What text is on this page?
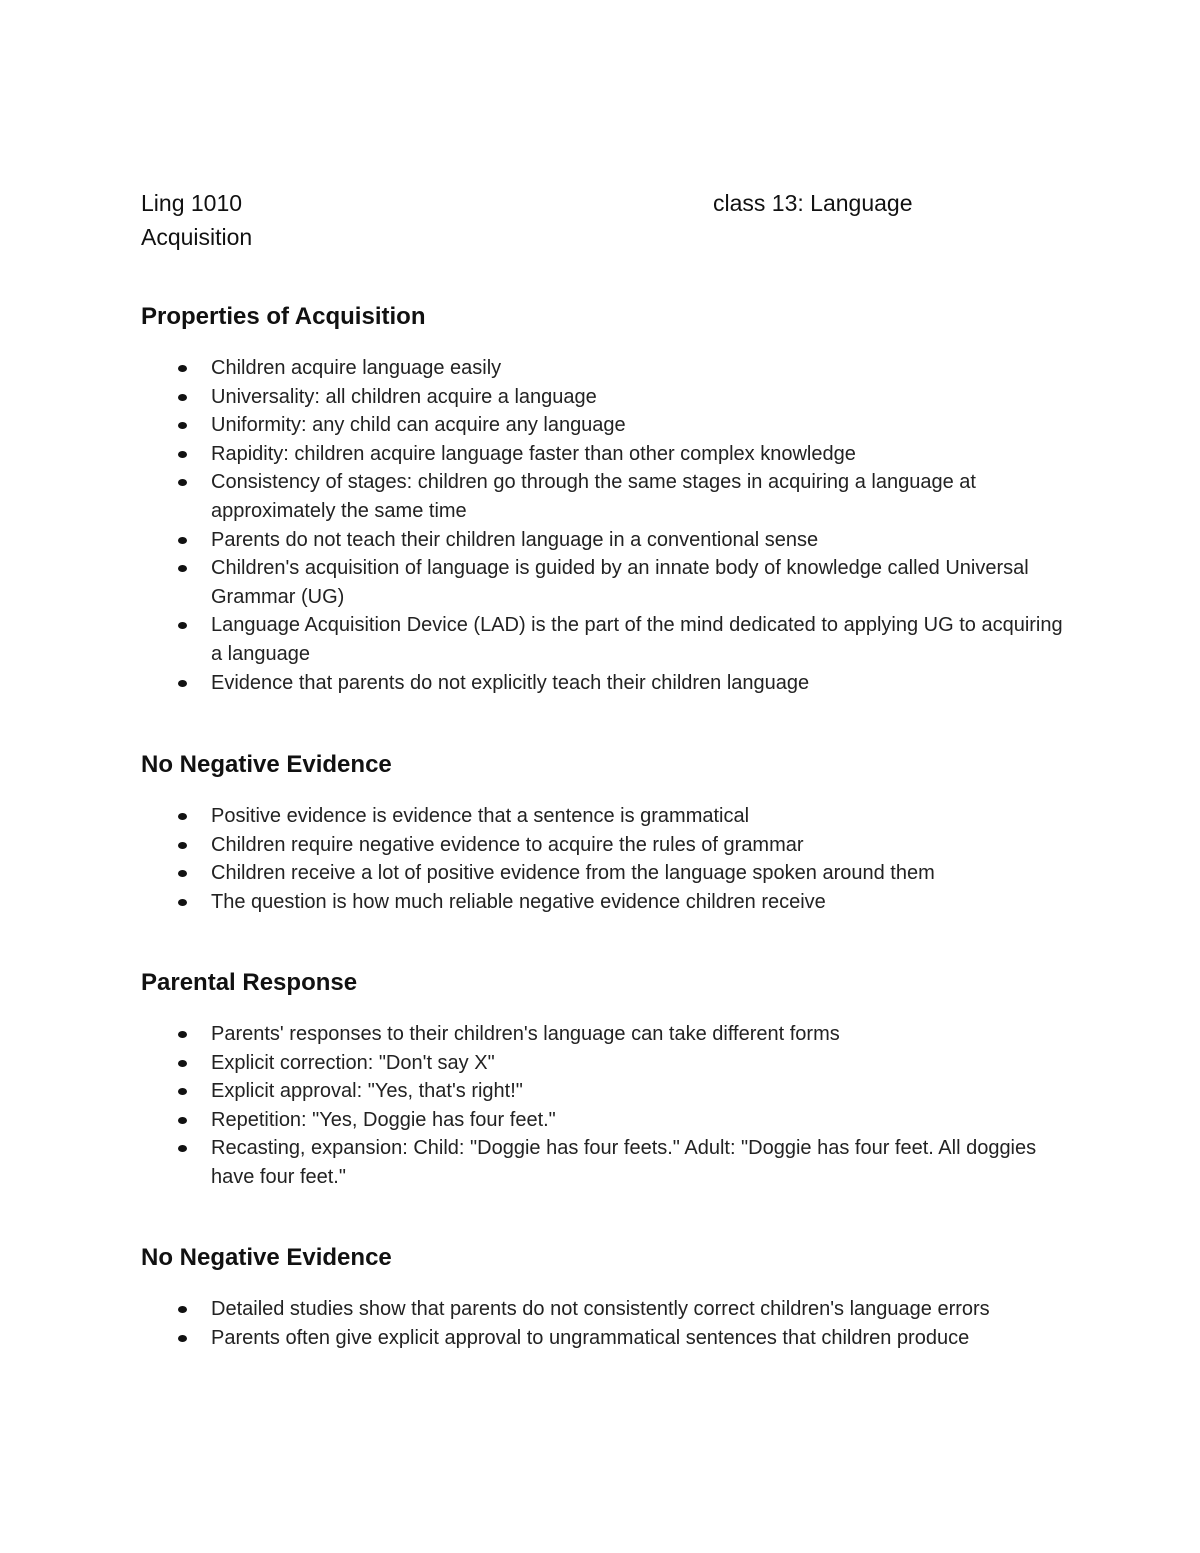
Ling 1010	class 13: Language
Acquisition
Properties of Acquisition
Children acquire language easily
Universality: all children acquire a language
Uniformity: any child can acquire any language
Rapidity: children acquire language faster than other complex knowledge
Consistency of stages: children go through the same stages in acquiring a language at approximately the same time
Parents do not teach their children language in a conventional sense
Children's acquisition of language is guided by an innate body of knowledge called Universal Grammar (UG)
Language Acquisition Device (LAD) is the part of the mind dedicated to applying UG to acquiring a language
Evidence that parents do not explicitly teach their children language
No Negative Evidence
Positive evidence is evidence that a sentence is grammatical
Children require negative evidence to acquire the rules of grammar
Children receive a lot of positive evidence from the language spoken around them
The question is how much reliable negative evidence children receive
Parental Response
Parents' responses to their children's language can take different forms
Explicit correction: "Don't say X"
Explicit approval: "Yes, that's right!"
Repetition: "Yes, Doggie has four feet."
Recasting, expansion: Child: "Doggie has four feets." Adult: "Doggie has four feet. All doggies have four feet."
No Negative Evidence
Detailed studies show that parents do not consistently correct children's language errors
Parents often give explicit approval to ungrammatical sentences that children produce
